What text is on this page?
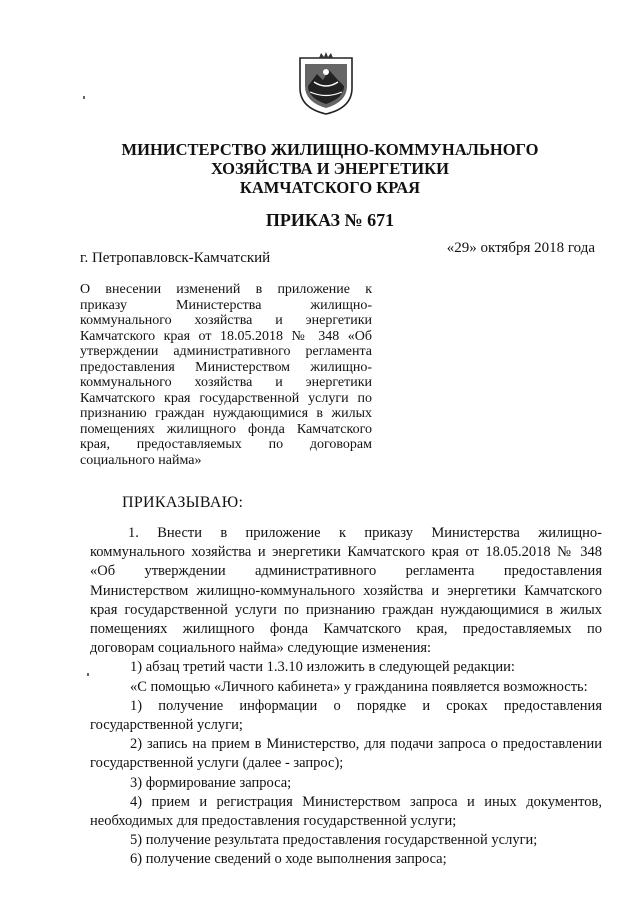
МИНИСТЕРСТВО ЖИЛИЩНО-КОММУНАЛЬНОГО
ХОЗЯЙСТВА И ЭНЕРГЕТИКИ
КАМЧАТСКОГО КРАЯ
ПРИКАЗ № 671
г. Петропавловск-Камчатский
«29» октября 2018 года
О внесении изменений в приложение к
приказу Министерства жилищно-
коммунального хозяйства и энергетики
Камчатского края от 18.05.2018 № 348 «Об
утверждении административного регламента
предоставления Министерством жилищно-
коммунального хозяйства и энергетики
Камчатского края государственной услуги по
признанию граждан нуждающимися в жилых
помещениях жилищного фонда Камчатского
края, предоставляемых по договорам
социального найма»
ПРИКАЗЫВАЮ:
1. Внести в приложение к приказу Министерства жилищно-
коммунального хозяйства и энергетики Камчатского края от 18.05.2018 № 348
«Об утверждении административного регламента предоставления
Министерством жилищно-коммунального хозяйства и энергетики Камчатского
края государственной услуги по признанию граждан нуждающимися в жилых
помещениях жилищного фонда Камчатского края, предоставляемых по
договорам социального найма» следующие изменения:
1) абзац третий части 1.3.10 изложить в следующей редакции:
«С помощью «Личного кабинета» у гражданина появляется возможность:
1) получение информации о порядке и сроках предоставления
государственной услуги;
2) запись на прием в Министерство, для подачи запроса о предоставлении
государственной услуги (далее - запрос);
3) формирование запроса;
4) прием и регистрация Министерством запроса и иных документов,
необходимых для предоставления государственной услуги;
5) получение результата предоставления государственной услуги;
6) получение сведений о ходе выполнения запроса;
